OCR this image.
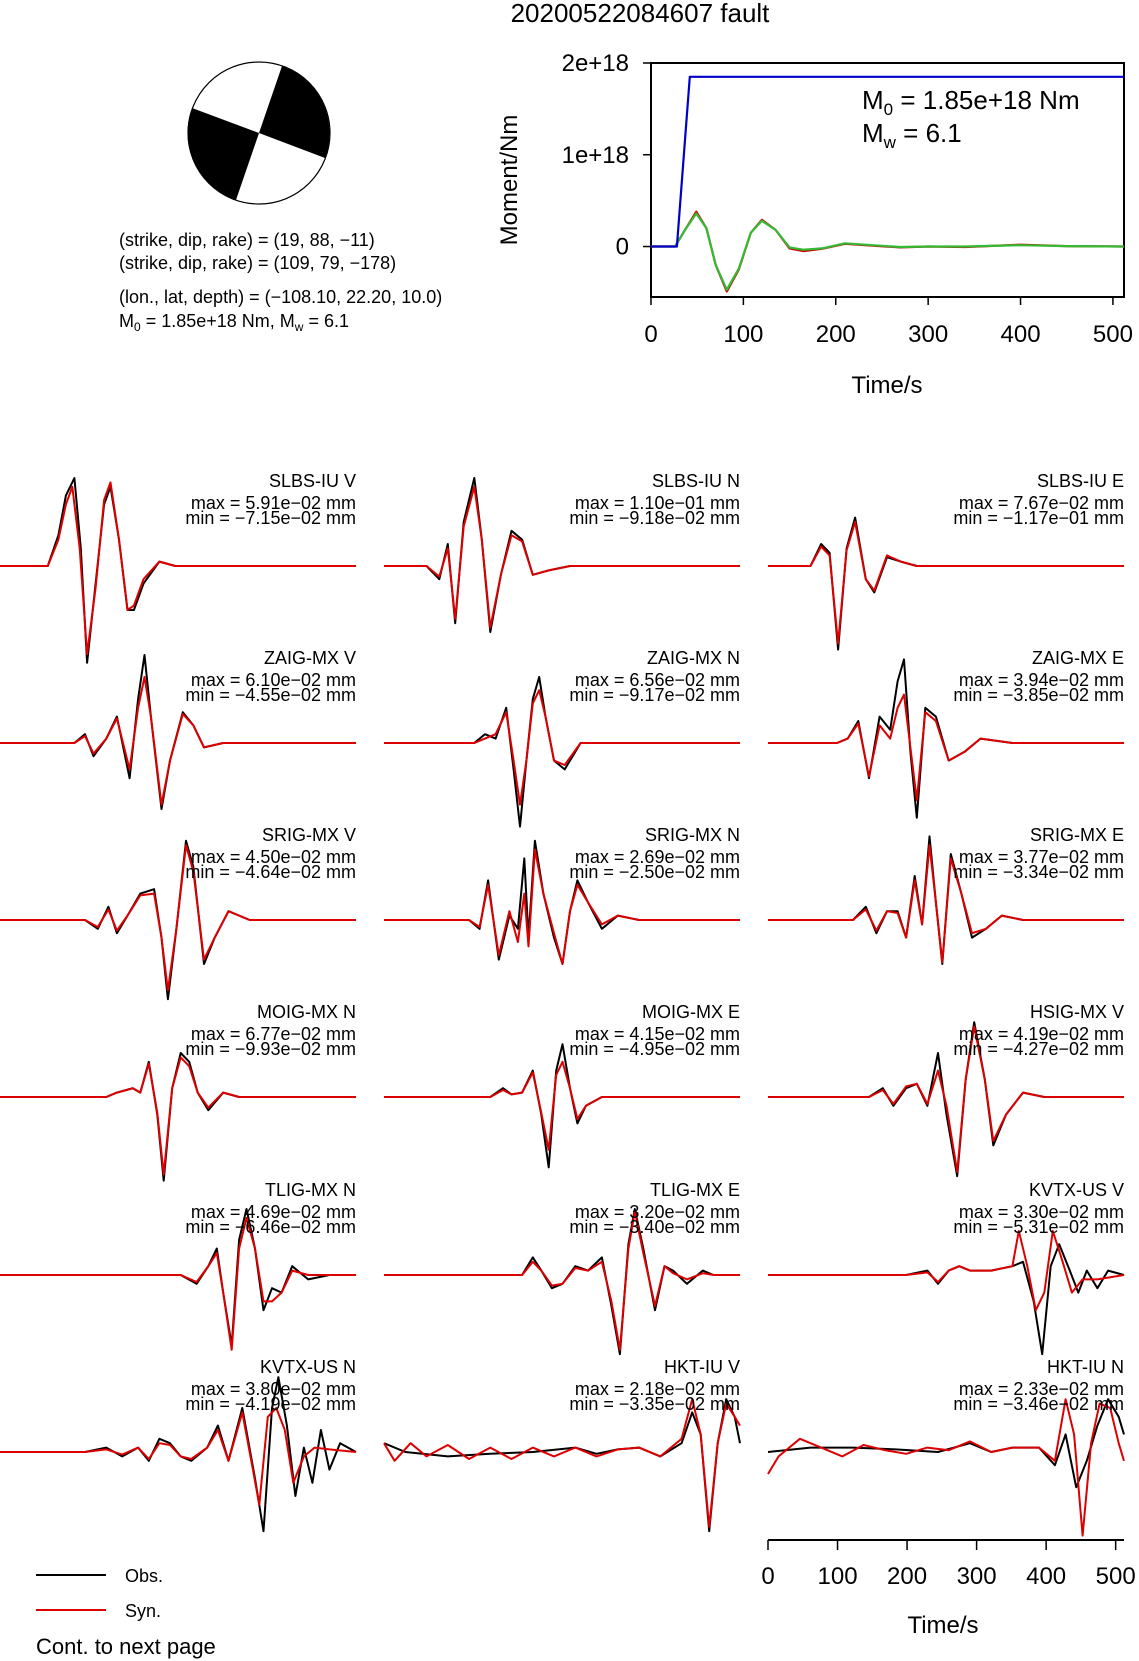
20200522084607 fault
(strike, dip, rake) = (19, 88, −11)
(strike, dip, rake) = (109, 79, −178)
(lon., lat, depth) = (−108.10, 22.20, 10.0)
$M_0 = 1.85e+18$ Nm, $M_w = 6.1$	0	100 200 300 400 500
0
1e+18
2e+18
Time/s
Moment/Nm
$M_0 = 1.85e+18$ Nm
$M_w = 6.1$
SLBS-IU V
max = 5.91e−02 mm
min = −7.15e−02 mm
SLBS-IU N
max = 1.10e−01 mm
min = −9.18e−02 mm
SLBS-IU E
max = 7.67e−02 mm
min = −1.17e−01 mm
ZAIG-MX V
max = 6.10e−02 mm
min = −4.55e−02 mm
ZAIG-MX N
max = 6.56e−02 mm
min = −9.17e−02 mm
ZAIG-MX E
max = 3.94e−02 mm
min = −3.85e−02 mm
SRIG-MX V
max = 4.50e−02 mm
min = −4.64e−02 mm
SRIG-MX N
max = 2.69e−02 mm
min = −2.50e−02 mm
SRIG-MX E
max = 3.77e−02 mm
min = −3.34e−02 mm
MOIG-MX N
max = 6.77e−02 mm
min = −9.93e−02 mm
MOIG-MX E
max = 4.15e−02 mm
min = −4.95e−02 mm
HSIG-MX V
max = 4.19e−02 mm
min = −4.27e−02 mm
TLIG-MX N
max = 4.69e−02 mm
min = −6.46e−02 mm
TLIG-MX E
max = 3.20e−02 mm
min = −3.40e−02 mm
KVTX-US V
max = 3.30e−02 mm
min = −5.31e−02 mm
KVTX-US N
max = 3.80e−02 mm
min = −4.19e−02 mm
HKT-IU V
max = 2.18e−02 mm
min = −3.35e−02 mm
HKT-IU N
max = 2.33e−02 mm
min = −3.46e−02 mm
0 100 200 300 400 500
Time/s
Obs.
Syn.
Cont. to next page
